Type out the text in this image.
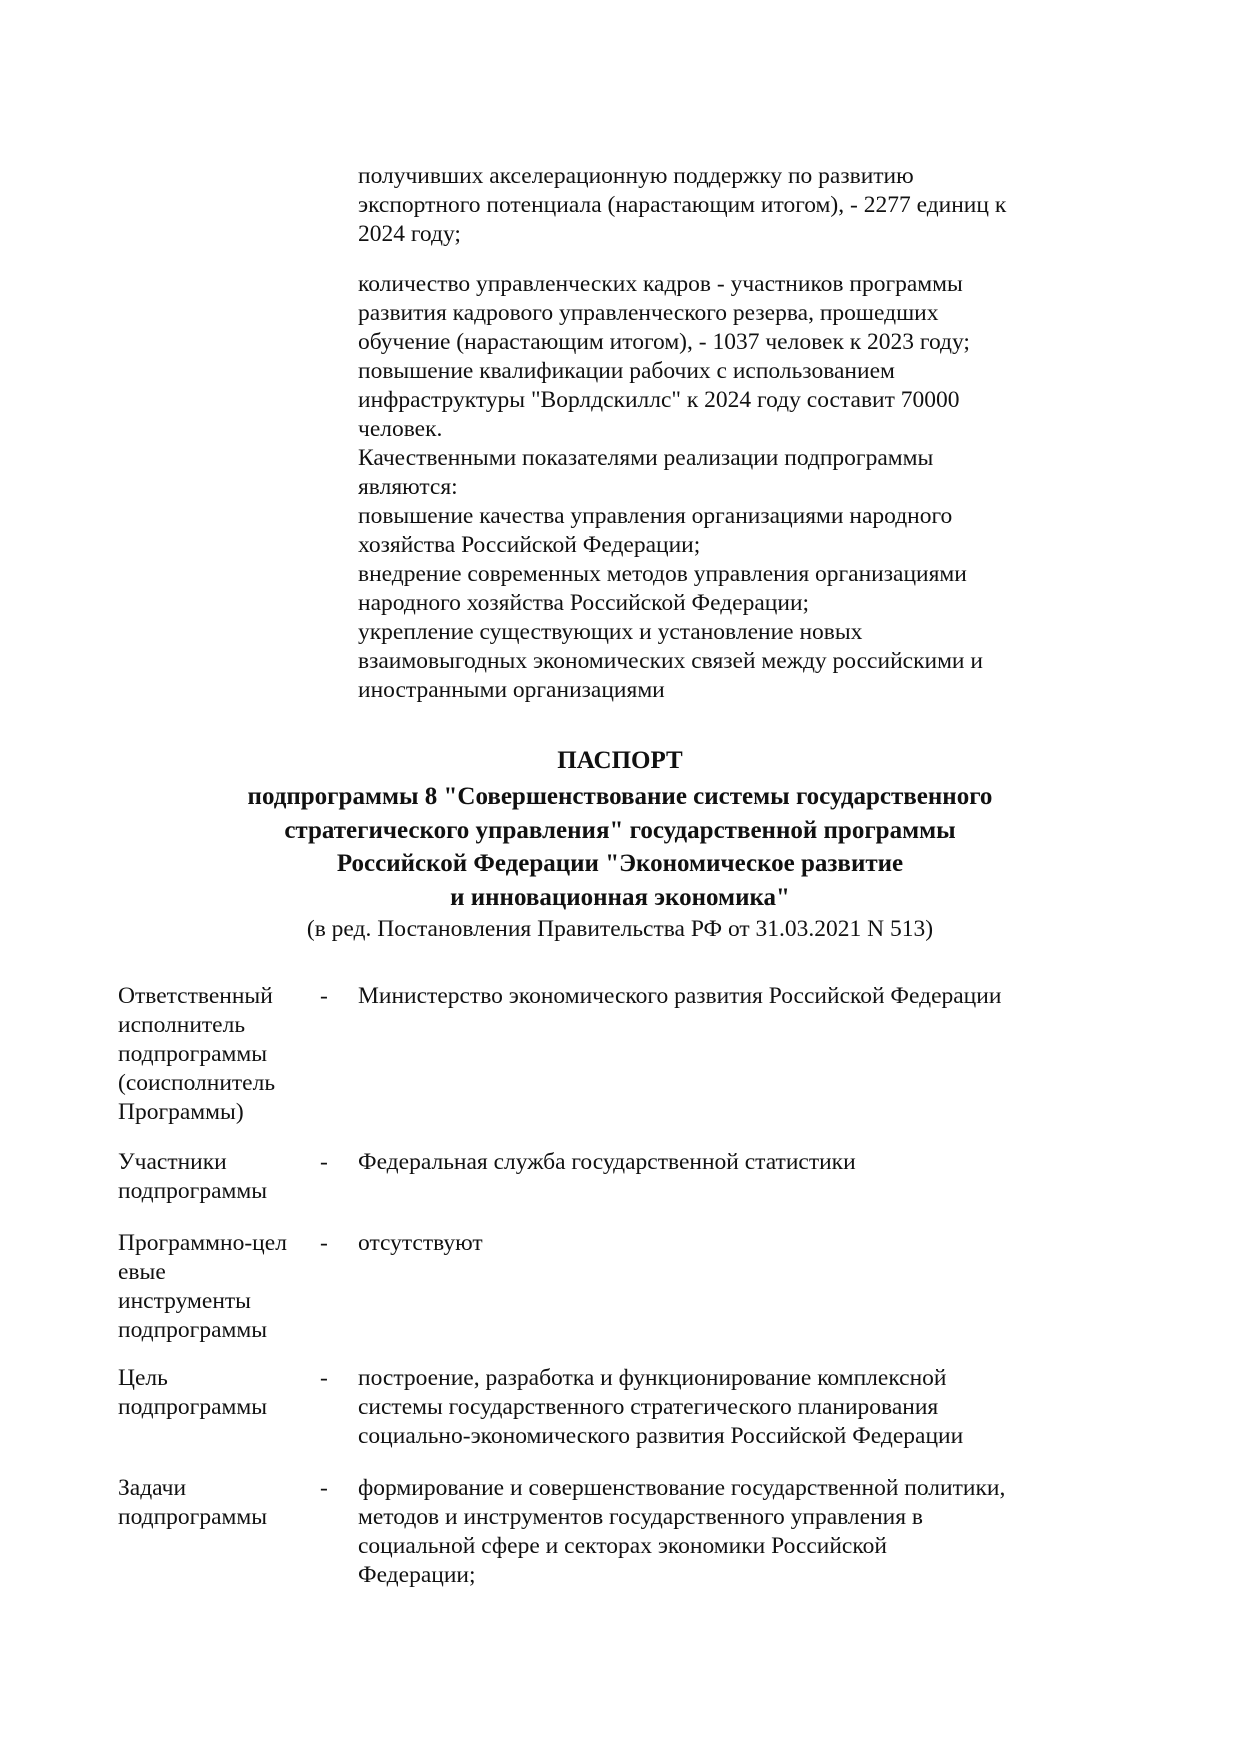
получивших акселерационную поддержку по развитию
экспортного потенциала (нарастающим итогом), - 2277 единиц к
2024 году;
количество управленческих кадров - участников программы
развития кадрового управленческого резерва, прошедших
обучение (нарастающим итогом), - 1037 человек к 2023 году;
повышение квалификации рабочих с использованием
инфраструктуры "Ворлдскиллс" к 2024 году составит 70000
человек.
Качественными показателями реализации подпрограммы
являются:
повышение качества управления организациями народного
хозяйства Российской Федерации;
внедрение современных методов управления организациями
народного хозяйства Российской Федерации;
укрепление существующих и установление новых
взаимовыгодных экономических связей между российскими и
иностранными организациями
ПАСПОРТ
подпрограммы 8 "Совершенствование системы государственного
стратегического управления" государственной программы
Российской Федерации "Экономическое развитие
и инновационная экономика"
(в ред. Постановления Правительства РФ от 31.03.2021 N 513)
Ответственный
исполнитель
подпрограммы
(соисполнитель
Программы)
- Министерство экономического развития Российской Федерации
Участники
подпрограммы
- Федеральная служба государственной статистики
Программно-цел
евые
инструменты
подпрограммы
- отсутствуют
Цель
подпрограммы
- построение, разработка и функционирование комплексной
системы государственного стратегического планирования
социально-экономического развития Российской Федерации
Задачи
подпрограммы
- формирование и совершенствование государственной политики,
методов и инструментов государственного управления в
социальной сфере и секторах экономики Российской
Федерации;
